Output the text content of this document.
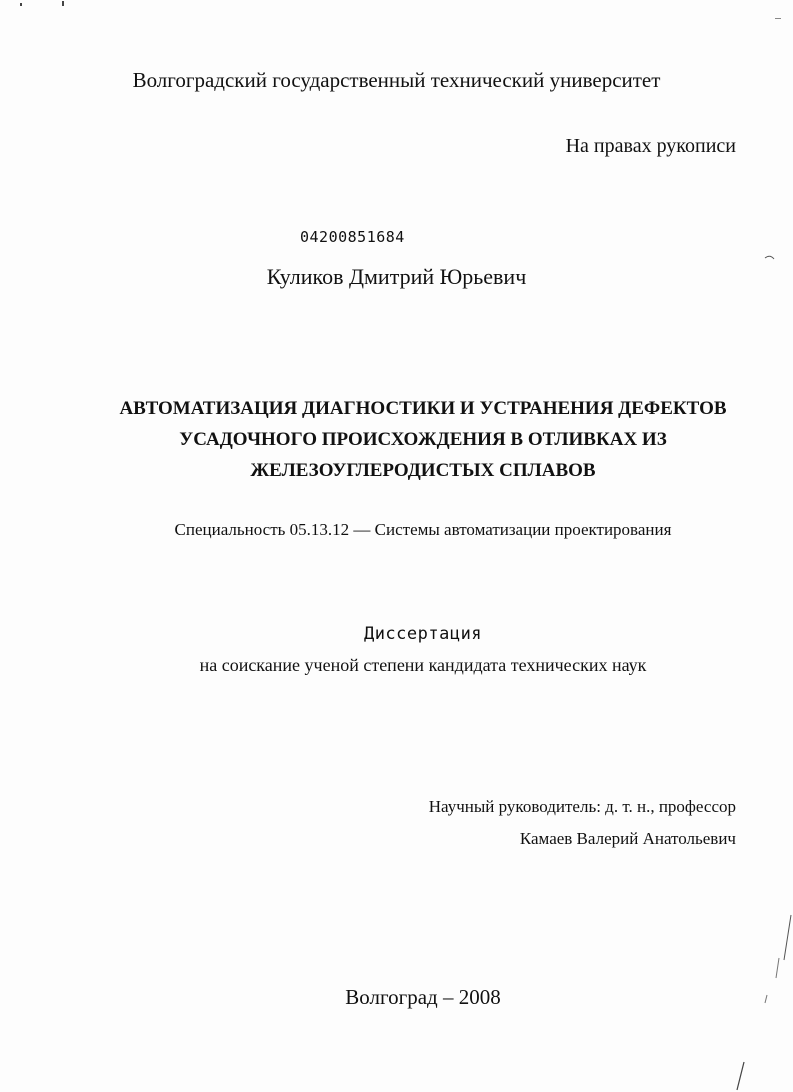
Волгоградский государственный технический университет
На правах рукописи
04200851684
Куликов Дмитрий Юрьевич
АВТОМАТИЗАЦИЯ ДИАГНОСТИКИ И УСТРАНЕНИЯ ДЕФЕКТОВ
УСАДОЧНОГО ПРОИСХОЖДЕНИЯ В ОТЛИВКАХ ИЗ
ЖЕЛЕЗОУГЛЕРОДИСТЫХ СПЛАВОВ
Специальность 05.13.12 — Системы автоматизации проектирования
Диссертация
на соискание ученой степени кандидата технических наук
Научный руководитель: д. т. н., профессор
Камаев Валерий Анатольевич
Волгоград – 2008
